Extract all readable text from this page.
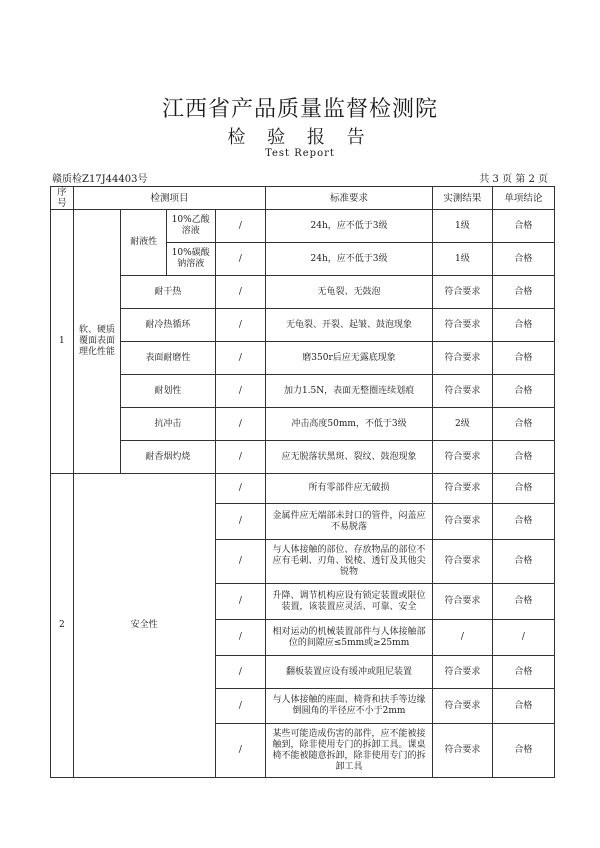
江西省产品质量监督检测院
检 验 报 告
Test Report
赣质检Z17J44403号	共 3 页 第 2 页
序号	检测项目				标准要求	实测结果	单项结论
1	软、硬质覆面表面理化性能	耐液性	10%乙酸溶液	/	24h，应不低于3级	1级	合格
			10%碳酸钠溶液	/	24h，应不低于3级	1级	合格
		耐干热		/	无龟裂、无鼓泡	符合要求	合格
		耐冷热循环		/	无龟裂、开裂、起皱、鼓泡现象	符合要求	合格
		表面耐磨性		/	磨350r后应无露底现象	符合要求	合格
		耐划性		/	加力1.5N，表面无整圈连续划痕	符合要求	合格
		抗冲击		/	冲击高度50mm，不低于3级	2级	合格
		耐香烟灼烧		/	应无脱落状黑斑、裂纹、鼓泡现象	符合要求	合格
2	安全性			/	所有零部件应无破损	符合要求	合格
				/	金属件应无端部未封口的管件，闷盖应不易脱落	符合要求	合格
				/	与人体接触的部位、存放物品的部位不应有毛刺、刃角、锐棱、透钉及其他尖锐物	符合要求	合格
				/	升降、调节机构应设有锁定装置或限位装置，该装置应灵活、可靠、安全	符合要求	合格
				/	相对运动的机械装置部件与人体接触部位的间隙应≤5mm或≥25mm	/	/
				/	翻板装置应设有缓冲或阻尼装置	符合要求	合格
				/	与人体接触的座面、椅背和扶手等边缘倒圆角的半径应不小于2mm	符合要求	合格
				/	某些可能造成伤害的部件，应不能被接触到，除非使用专门的拆卸工具。课桌椅不能被随意拆卸，除非使用专门的拆卸工具	符合要求	合格
